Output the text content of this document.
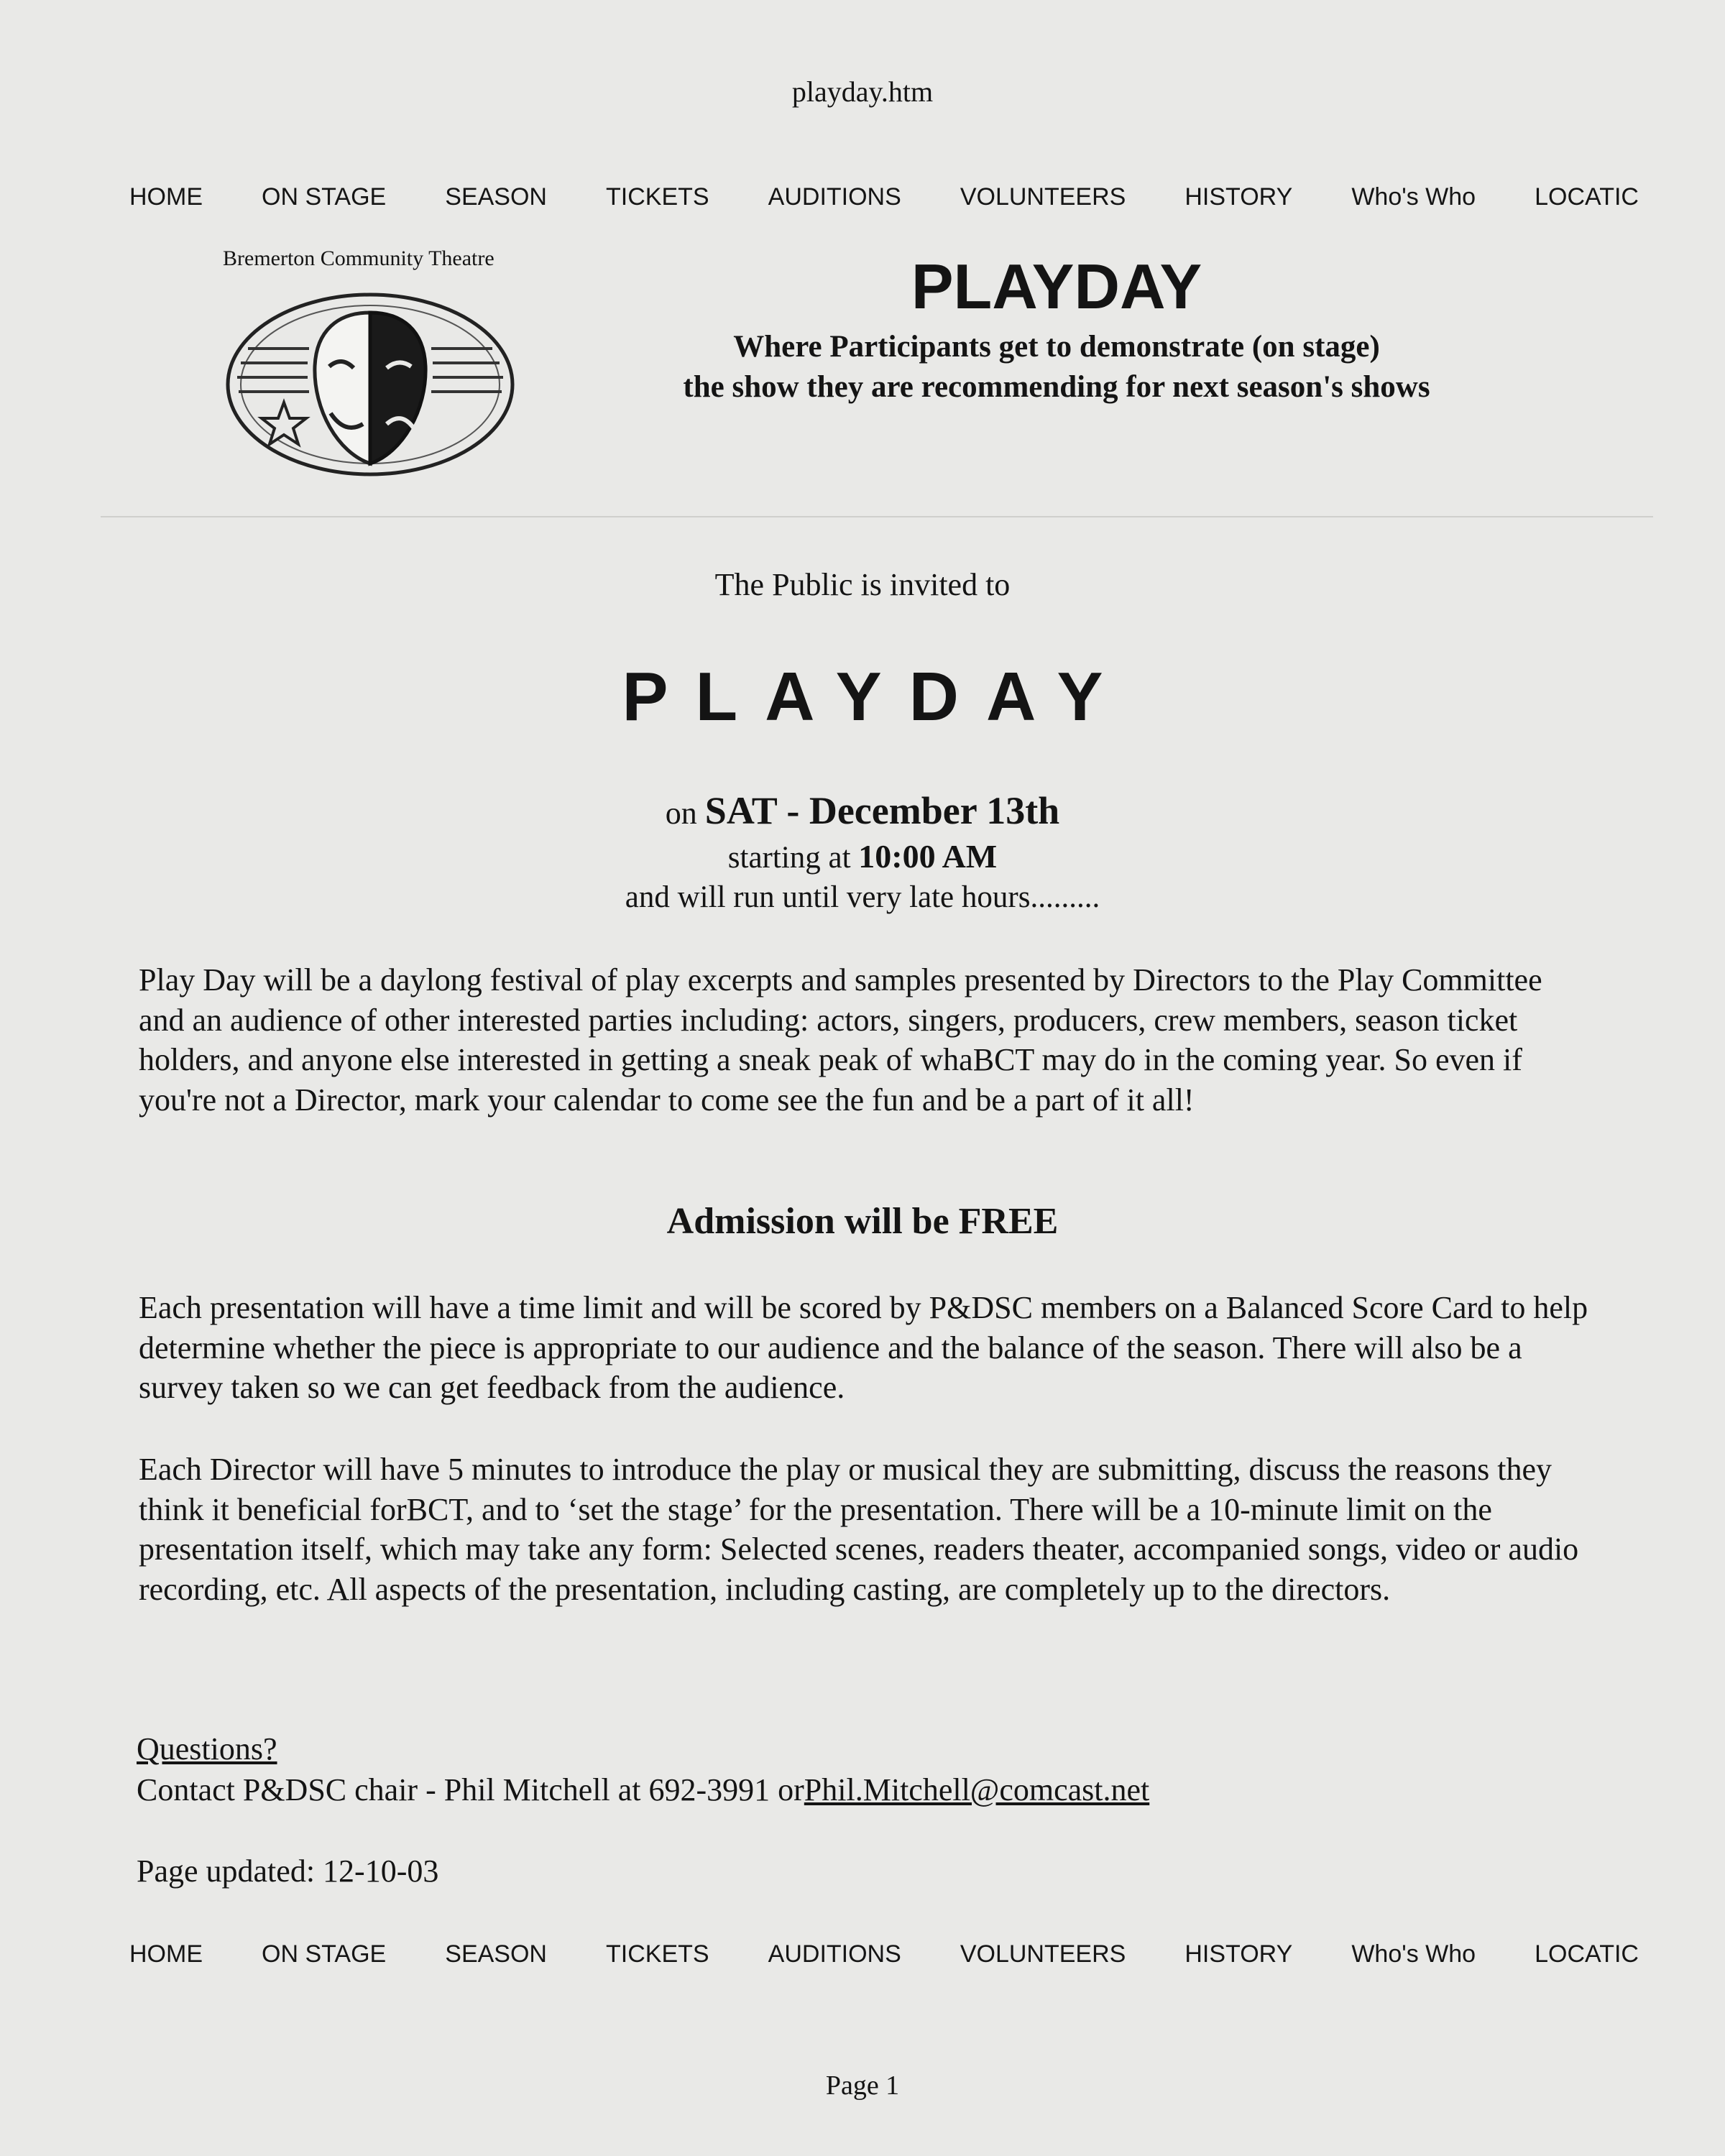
playday.htm
HOME ON STAGE SEASON TICKETS AUDITIONS VOLUNTEERS HISTORY Who's Who LOCATIC
Bremerton Community Theatre	PLAYDAY
Where Participants get to demonstrate (on stage)
the show they are recommending for next season's shows
The Public is invited to
PLAYDAY
on SAT - December 13th
starting at 10:00 AM
and will run until very late hours.........

Play Day will be a daylong festival of play excerpts and samples presented by Directors to the Play Committee and an audience of other interested parties including: actors, singers, producers, crew members, season ticket holders, and anyone else interested in getting a sneak peak of whaBCT may do in the coming year. So even if you're not a Director, mark your calendar to come see the fun and be a part of it all!

Admission will be FREE

Each presentation will have a time limit and will be scored by P&DSC members on a Balanced Score Card to help determine whether the piece is appropriate to our audience and the balance of the season. There will also be a survey taken so we can get feedback from the audience.

Each Director will have 5 minutes to introduce the play or musical they are submitting, discuss the reasons they think it beneficial forBCT, and to ‘set the stage’ for the presentation. There will be a 10-minute limit on the presentation itself, which may take any form: Selected scenes, readers theater, accompanied songs, video or audio recording, etc. All aspects of the presentation, including casting, are completely up to the directors.

Questions?
Contact P&DSC chair - Phil Mitchell at 692-3991 orPhil.Mitchell@comcast.net
Page updated: 12-10-03
HOME ON STAGE SEASON TICKETS AUDITIONS VOLUNTEERS HISTORY Who's Who LOCATIC
Page 1
